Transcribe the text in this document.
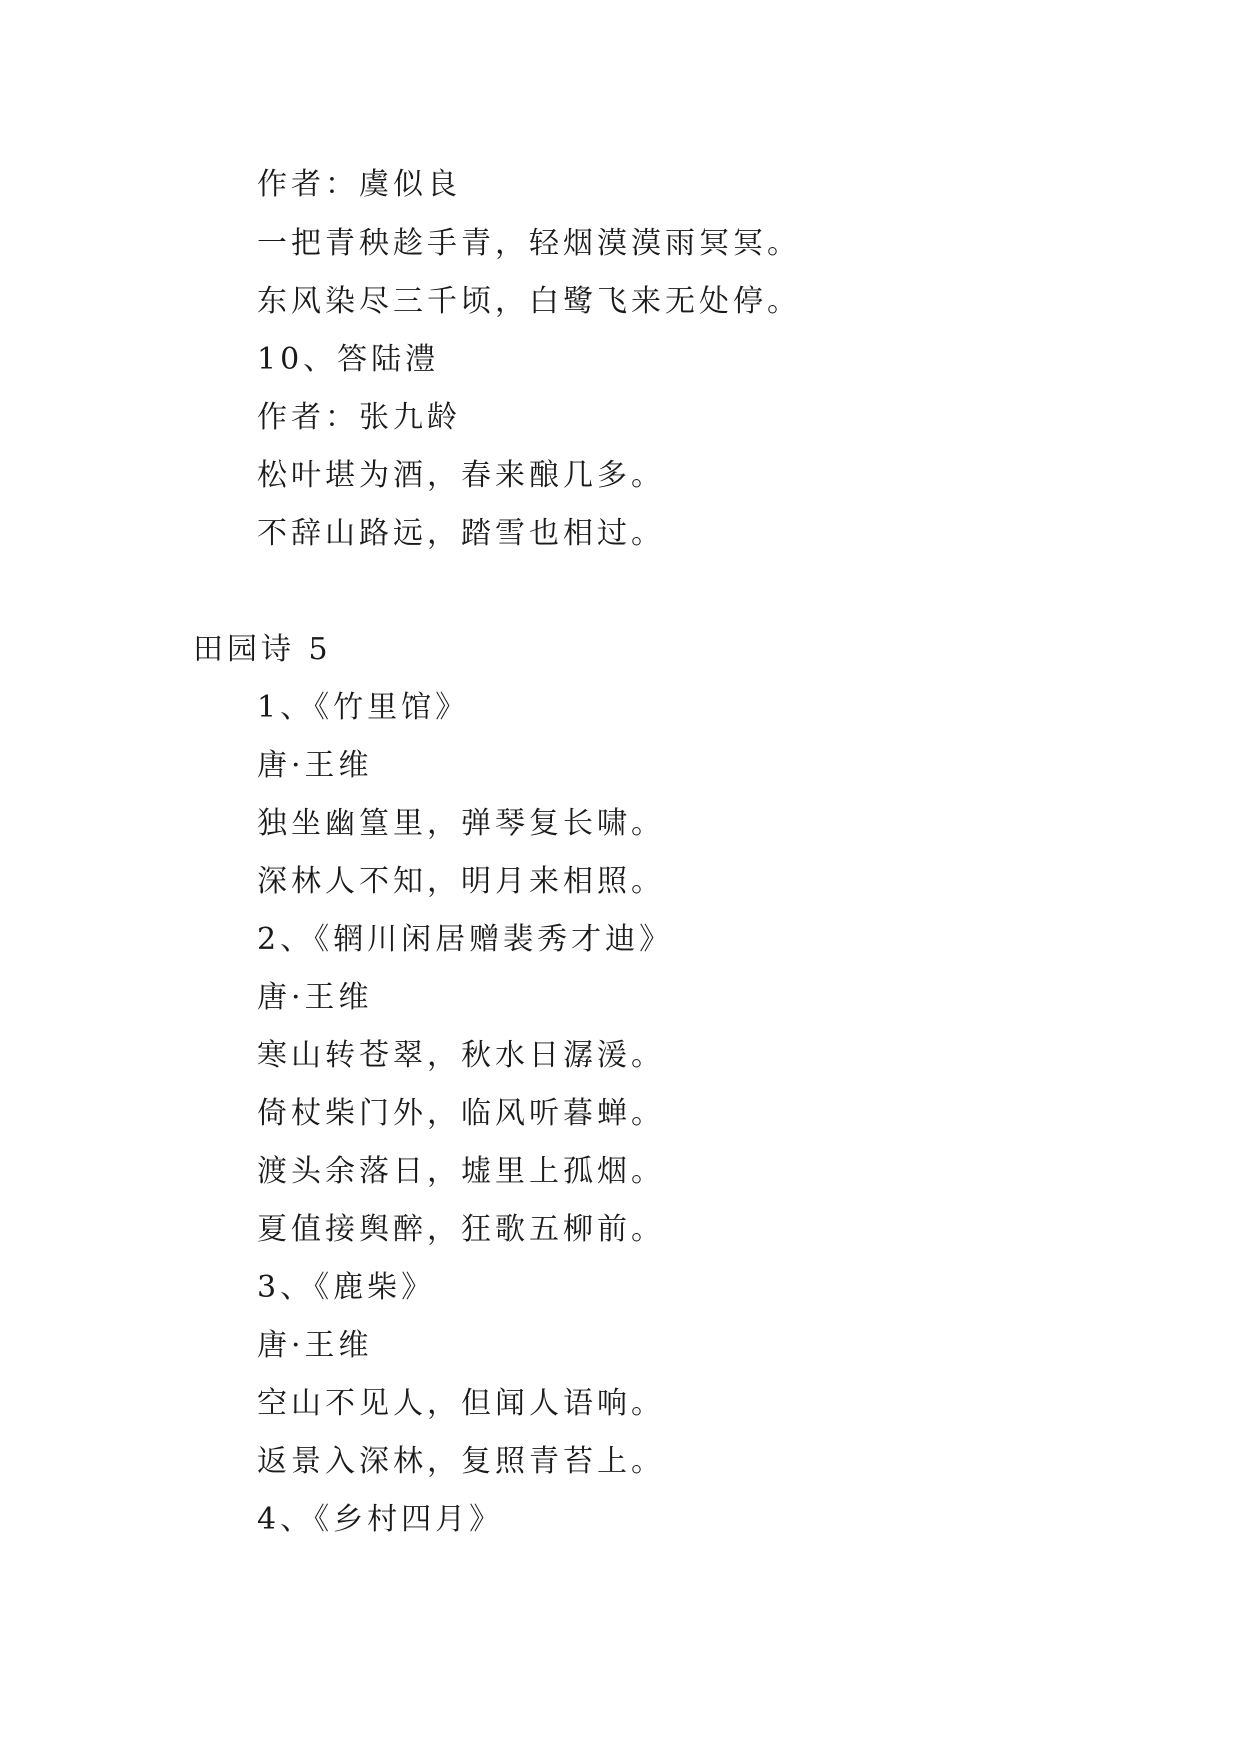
作者：虞似良
一把青秧趁手青，轻烟漠漠雨冥冥。
东风染尽三千顷，白鹭飞来无处停。
10、答陆澧
作者：张九龄
松叶堪为酒，春来酿几多。
不辞山路远，踏雪也相过。
田园诗 5
1、《竹里馆》
唐·王维
独坐幽篁里，弹琴复长啸。
深林人不知，明月来相照。
2、《辋川闲居赠裴秀才迪》
唐·王维
寒山转苍翠，秋水日潺湲。
倚杖柴门外，临风听暮蝉。
渡头余落日，墟里上孤烟。
夏值接舆醉，狂歌五柳前。
3、《鹿柴》
唐·王维
空山不见人，但闻人语响。
返景入深林，复照青苔上。
4、《乡村四月》
